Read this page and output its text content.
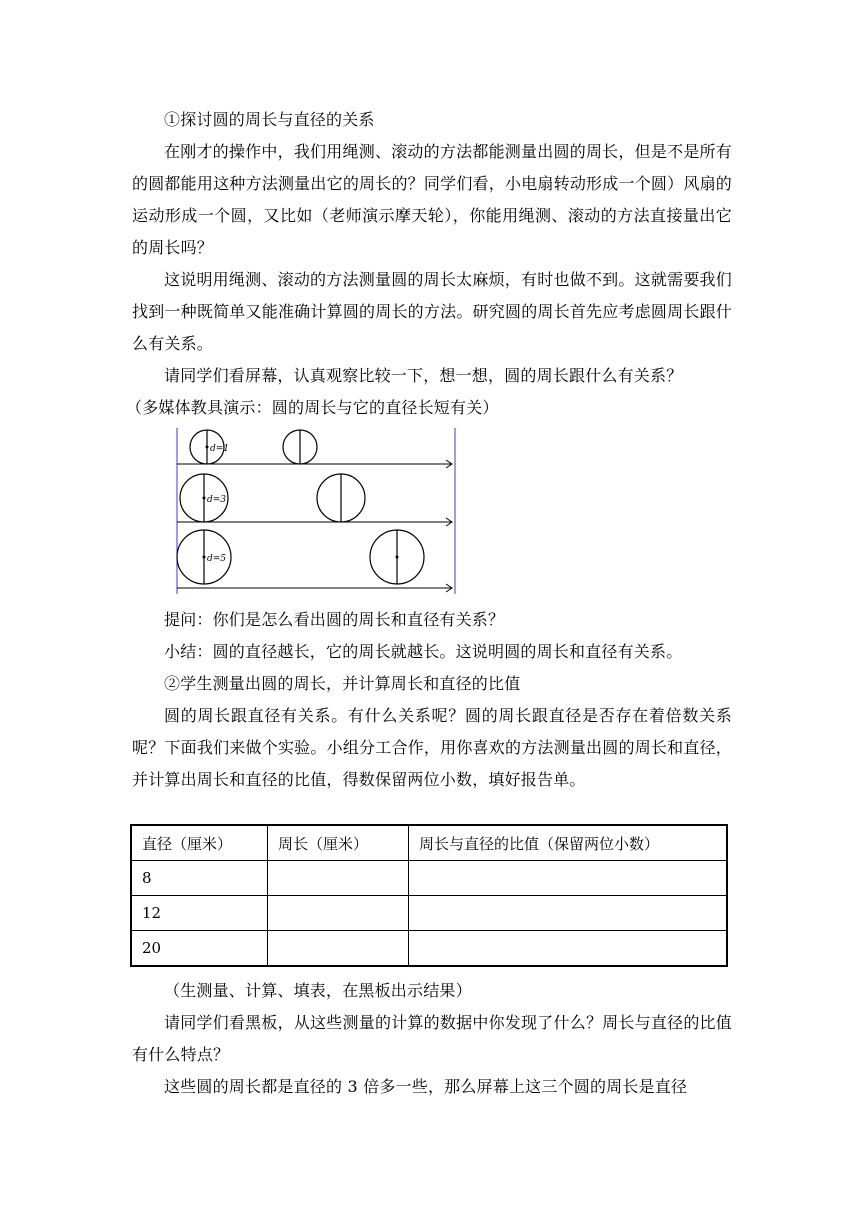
①探讨圆的周长与直径的关系

在刚才的操作中，我们用绳测、滚动的方法都能测量出圆的周长，但是不是所有的圆都能用这种方法测量出它的周长的？同学们看，小电扇转动形成一个圆）风扇的运动形成一个圆，又比如（老师演示摩天轮），你能用绳测、滚动的方法直接量出它的周长吗？

这说明用绳测、滚动的方法测量圆的周长太麻烦，有时也做不到。这就需要我们找到一种既简单又能准确计算圆的周长的方法。研究圆的周长首先应考虑圆周长跟什么有关系。

请同学们看屏幕，认真观察比较一下，想一想，圆的周长跟什么有关系？

（多媒体教具演示：圆的周长与它的直径长短有关）

d=1
d=3
d=5

提问：你们是怎么看出圆的周长和直径有关系？

小结：圆的直径越长，它的周长就越长。这说明圆的周长和直径有关系。

②学生测量出圆的周长，并计算周长和直径的比值

圆的周长跟直径有关系。有什么关系呢？圆的周长跟直径是否存在着倍数关系呢？下面我们来做个实验。小组分工合作，用你喜欢的方法测量出圆的周长和直径，并计算出周长和直径的比值，得数保留两位小数，填好报告单。

直径（厘米）	周长（厘米）	周长与直径的比值（保留两位小数）
8		
12		
20		

（生测量、计算、填表，在黑板出示结果）

请同学们看黑板，从这些测量的计算的数据中你发现了什么？周长与直径的比值有什么特点？

这些圆的周长都是直径的 3 倍多一些，那么屏幕上这三个圆的周长是直径
